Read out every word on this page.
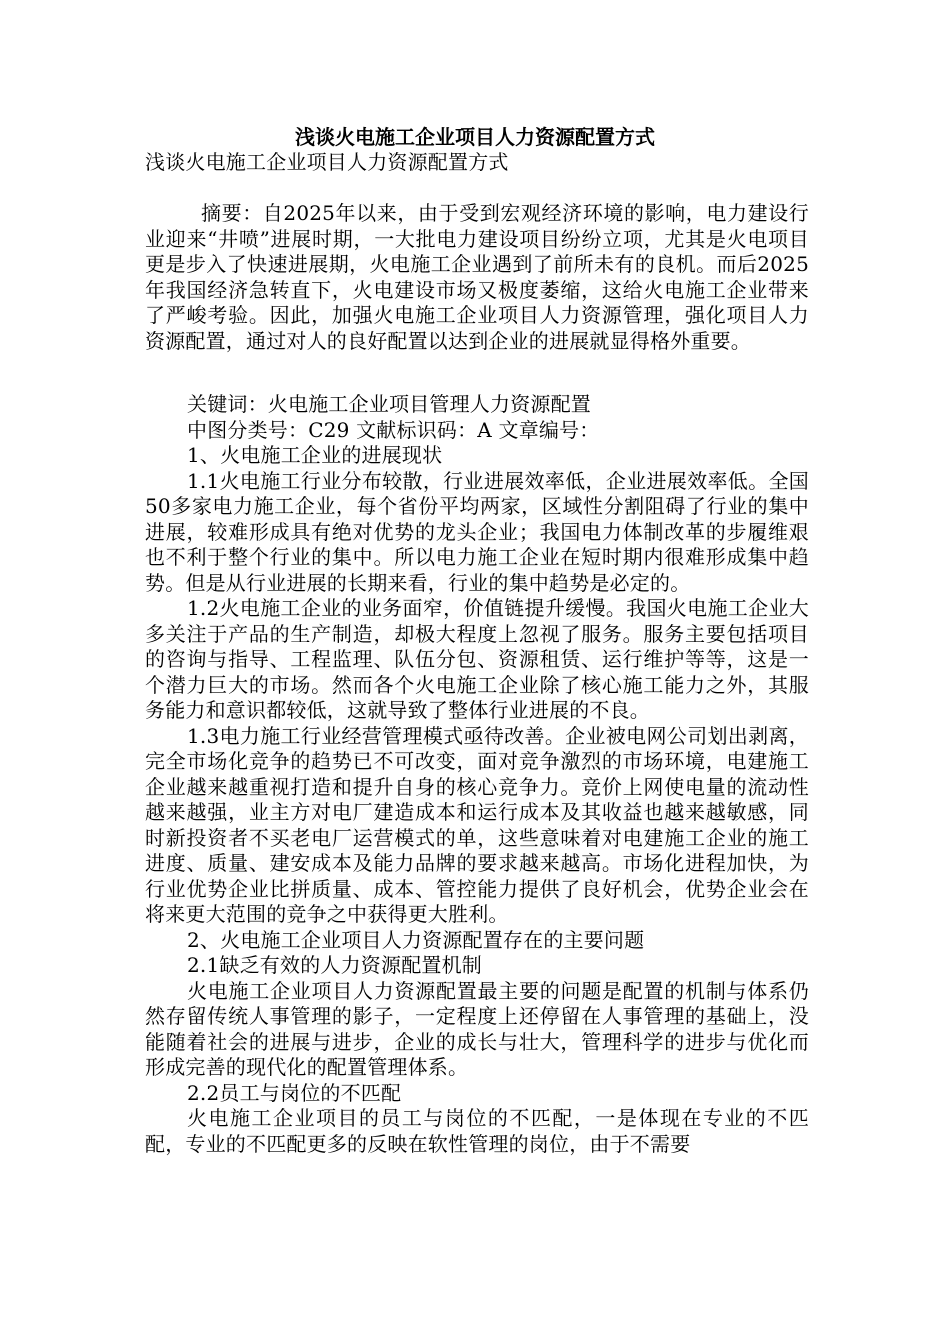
浅谈火电施工企业项目人力资源配置方式

浅谈火电施工企业项目人力资源配置方式

摘要：自2025年以来，由于受到宏观经济环境的影响，电力建设行业迎来“井喷”进展时期，一大批电力建设项目纷纷立项，尤其是火电项目更是步入了快速进展期，火电施工企业遇到了前所未有的良机。而后2025年我国经济急转直下，火电建设市场又极度萎缩，这给火电施工企业带来了严峻考验。因此，加强火电施工企业项目人力资源管理，强化项目人力资源配置，通过对人的良好配置以达到企业的进展就显得格外重要。

关键词：火电施工企业项目管理人力资源配置

中图分类号：C29 文献标识码：A 文章编号：

1、火电施工企业的进展现状

1.1火电施工行业分布较散，行业进展效率低，企业进展效率低。全国50多家电力施工企业，每个省份平均两家，区域性分割阻碍了行业的集中进展，较难形成具有绝对优势的龙头企业；我国电力体制改革的步履维艰也不利于整个行业的集中。所以电力施工企业在短时期内很难形成集中趋势。但是从行业进展的长期来看，行业的集中趋势是必定的。

1.2火电施工企业的业务面窄，价值链提升缓慢。我国火电施工企业大多关注于产品的生产制造，却极大程度上忽视了服务。服务主要包括项目的咨询与指导、工程监理、队伍分包、资源租赁、运行维护等等，这是一个潜力巨大的市场。然而各个火电施工企业除了核心施工能力之外，其服务能力和意识都较低，这就导致了整体行业进展的不良。

1.3电力施工行业经营管理模式亟待改善。企业被电网公司划出剥离，完全市场化竞争的趋势已不可改变，面对竞争激烈的市场环境，电建施工企业越来越重视打造和提升自身的核心竞争力。竞价上网使电量的流动性越来越强，业主方对电厂建造成本和运行成本及其收益也越来越敏感，同时新投资者不买老电厂运营模式的单，这些意味着对电建施工企业的施工进度、质量、建安成本及能力品牌的要求越来越高。市场化进程加快，为行业优势企业比拼质量、成本、管控能力提供了良好机会，优势企业会在将来更大范围的竞争之中获得更大胜利。

2、火电施工企业项目人力资源配置存在的主要问题

2.1缺乏有效的人力资源配置机制

火电施工企业项目人力资源配置最主要的问题是配置的机制与体系仍然存留传统人事管理的影子，一定程度上还停留在人事管理的基础上，没能随着社会的进展与进步，企业的成长与壮大，管理科学的进步与优化而形成完善的现代化的配置管理体系。

2.2员工与岗位的不匹配

火电施工企业项目的员工与岗位的不匹配，一是体现在专业的不匹配，专业的不匹配更多的反映在软性管理的岗位，由于不需要
